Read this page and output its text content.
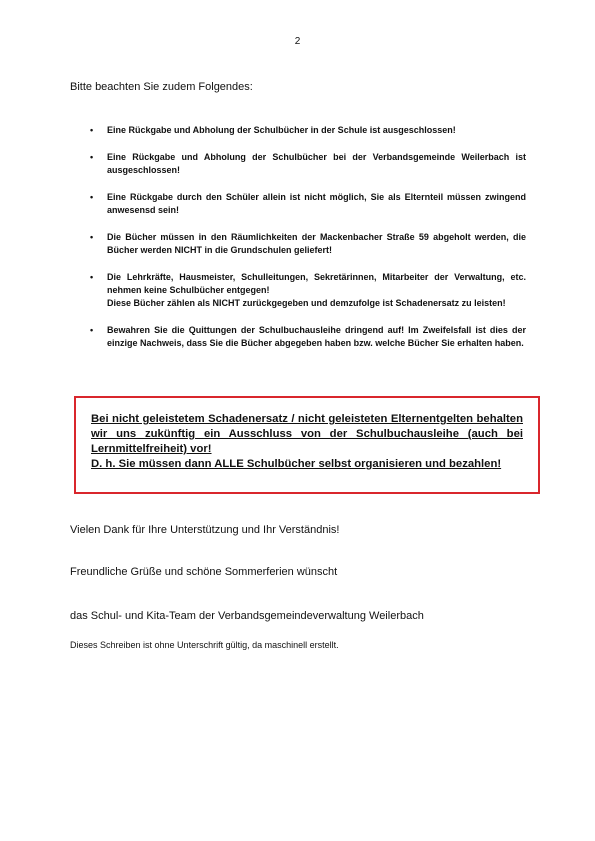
2
Bitte beachten Sie zudem Folgendes:
• Eine Rückgabe und Abholung der Schulbücher in der Schule ist ausgeschlossen!
• Eine Rückgabe und Abholung der Schulbücher bei der Verbandsgemeinde Weilerbach ist ausgeschlossen!
• Eine Rückgabe durch den Schüler allein ist nicht möglich, Sie als Elternteil müssen zwingend anwesensd sein!
• Die Bücher müssen in den Räumlichkeiten der Mackenbacher Straße 59 abgeholt werden, die Bücher werden NICHT in die Grundschulen geliefert!
• Die Lehrkräfte, Hausmeister, Schulleitungen, Sekretärinnen, Mitarbeiter der Verwaltung, etc. nehmen keine Schulbücher entgegen!
Diese Bücher zählen als NICHT zurückgegeben und demzufolge ist Schadenersatz zu leisten!
• Bewahren Sie die Quittungen der Schulbuchausleihe dringend auf! Im Zweifelsfall ist dies der einzige Nachweis, dass Sie die Bücher abgegeben haben bzw. welche Bücher Sie erhalten haben.

Bei nicht geleistetem Schadenersatz / nicht geleisteten Elternentgelten behalten wir uns zukünftig ein Ausschluss von der Schulbuchausleihe (auch bei Lernmittelfreiheit) vor!

D. h. Sie müssen dann ALLE Schulbücher selbst organisieren und bezahlen!

Vielen Dank für Ihre Unterstützung und Ihr Verständnis!
Freundliche Grüße und schöne Sommerferien wünscht
das Schul- und Kita-Team der Verbandsgemeindeverwaltung Weilerbach
Dieses Schreiben ist ohne Unterschrift gültig, da maschinell erstellt.
